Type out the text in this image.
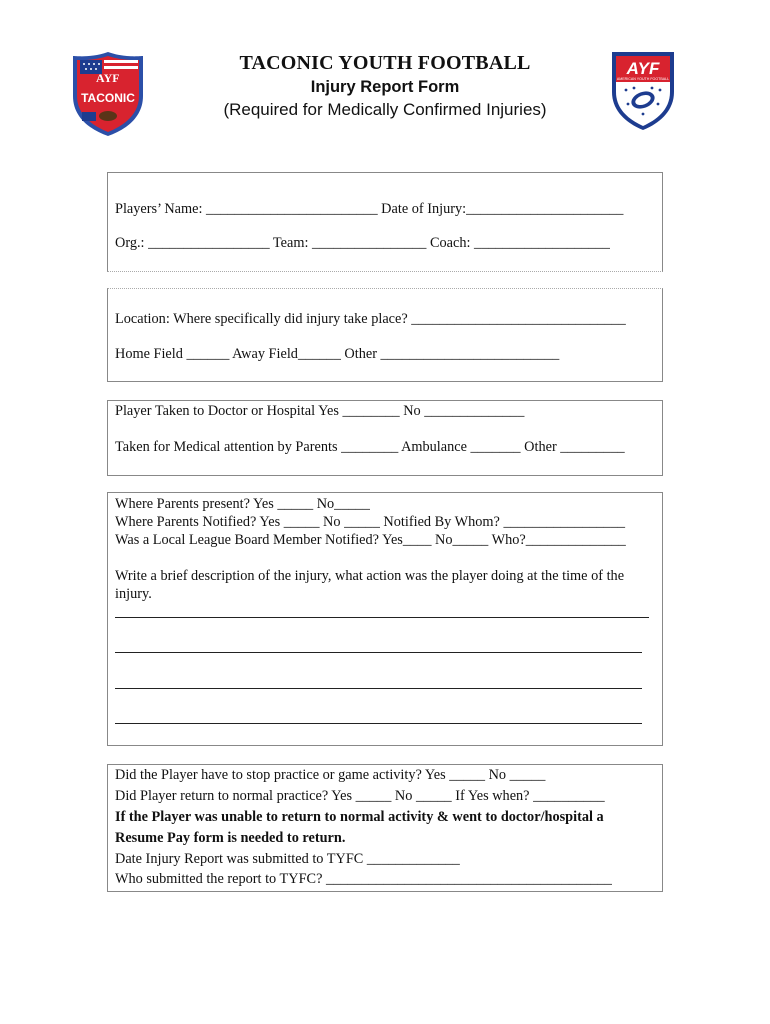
AYF
TACONIC
TACONIC YOUTH FOOTBALL
Injury Report Form
(Required for Medically Confirmed Injuries)
AYF
AMERICAN YOUTH FOOTBALL
Players’ Name: ________________________ Date of Injury:______________________
Org.: _________________ Team: ________________ Coach: ___________________
Location: Where specifically did injury take place? ______________________________
Home Field ______ Away Field______ Other _________________________
Player Taken to Doctor or Hospital Yes ________ No ______________
Taken for Medical attention by Parents ________ Ambulance _______ Other _________
Where Parents present? Yes _____ No_____
Where Parents Notified? Yes _____ No _____ Notified By Whom? _________________
Was a Local League Board Member Notified? Yes____ No_____ Who?______________
Write a brief description of the injury, what action was the player doing at the time of the
injury.
Did the Player have to stop practice or game activity? Yes _____ No _____
Did Player return to normal practice? Yes _____ No _____ If Yes when? __________
If the Player was unable to return to normal activity & went to doctor/hospital a
Resume Pay form is needed to return.
Date Injury Report was submitted to TYFC _____________
Who submitted the report to TYFC? ________________________________________
